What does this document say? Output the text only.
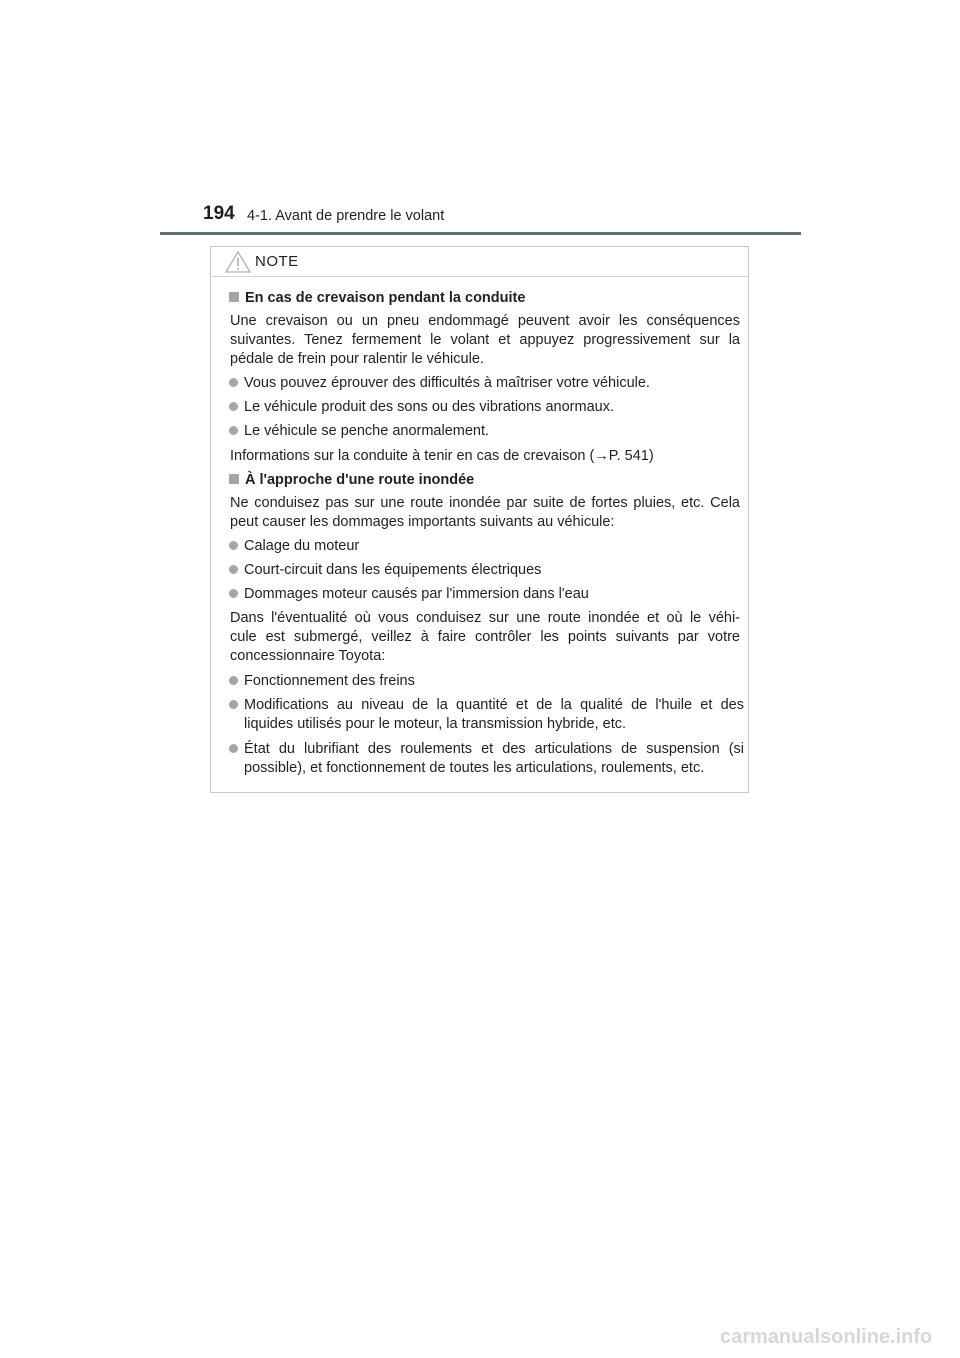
194 4-1. Avant de prendre le volant
NOTE
En cas de crevaison pendant la conduite
Une crevaison ou un pneu endommagé peuvent avoir les conséquences
suivantes. Tenez fermement le volant et appuyez progressivement sur la
pédale de frein pour ralentir le véhicule.
Vous pouvez éprouver des difficultés à maîtriser votre véhicule.
Le véhicule produit des sons ou des vibrations anormaux.
Le véhicule se penche anormalement.
Informations sur la conduite à tenir en cas de crevaison (→P. 541)
À l'approche d'une route inondée
Ne conduisez pas sur une route inondée par suite de fortes pluies, etc. Cela
peut causer les dommages importants suivants au véhicule:
Calage du moteur
Court-circuit dans les équipements électriques
Dommages moteur causés par l'immersion dans l'eau
Dans l'éventualité où vous conduisez sur une route inondée et où le véhi-
cule est submergé, veillez à faire contrôler les points suivants par votre
concessionnaire Toyota:
Fonctionnement des freins
Modifications au niveau de la quantité et de la qualité de l'huile et des
liquides utilisés pour le moteur, la transmission hybride, etc.
État du lubrifiant des roulements et des articulations de suspension (si
possible), et fonctionnement de toutes les articulations, roulements, etc.
carmanualsonline.info
